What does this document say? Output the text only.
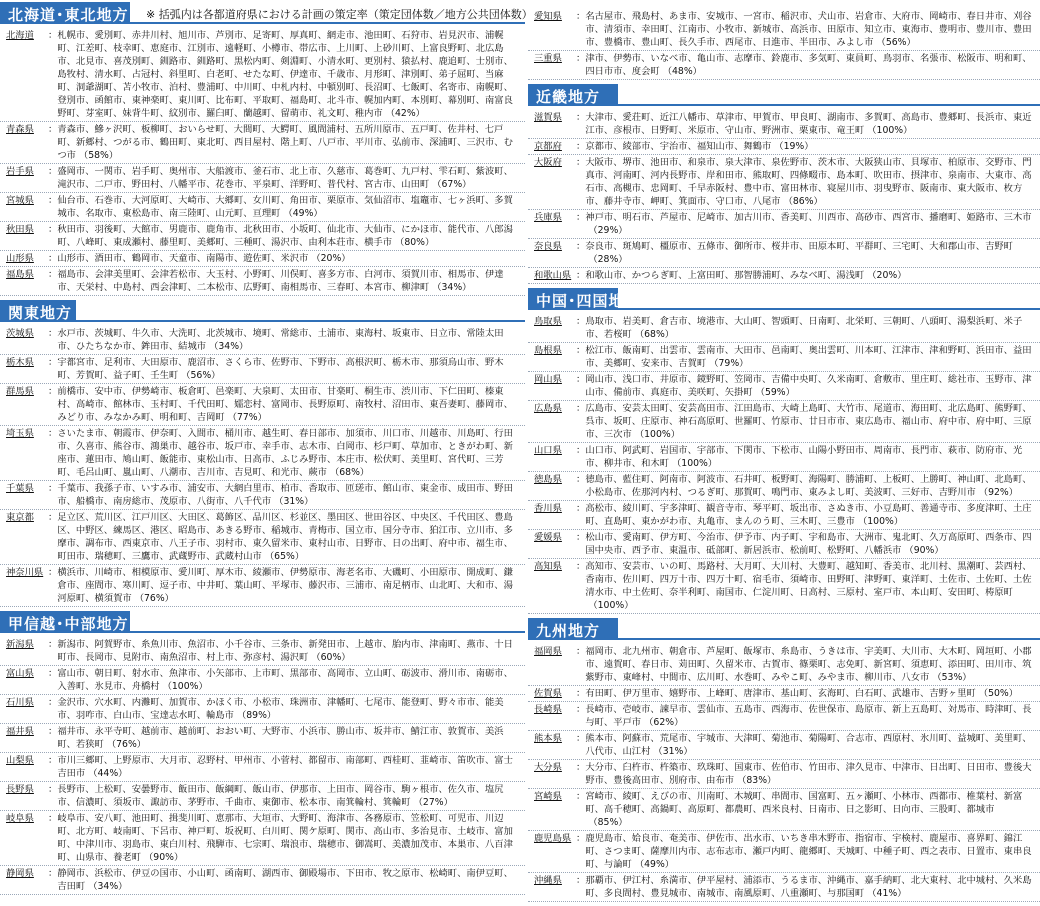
北海道･東北地方 ※ 括弧内は各都道府県における計画の策定率（策定団体数／地方公共団体数）
北海道	： 札幌市、愛別町、赤井川村、旭川市、芦別市、足寄町、厚真町、網走市、池田町、石狩市、岩見沢市、浦幌町、江差町、枝幸町、恵庭市、江別市、遠軽町、小樽市、帯広市、上川町、上砂川町、上富良野町、北広島市、北見市、喜茂別町、釧路市、釧路町、黒松内町、剣淵町、小清水町、更別村、猿払村、鹿追町、士別市、島牧村、清水町、占冠村、斜里町、白老町、せたな町、伊達市、千歳市、月形町、津別町、弟子屈町、当麻町、洞爺湖町、苫小牧市、泊村、豊浦町、中川町、中札内村、中頓別町、長沼町、七飯町、名寄市、南幌町、登別市、函館市、東神楽町、東川町、比布町、平取町、福島町、北斗市、幌加内町、本別町、幕別町、南富良野町、芽室町、妹背牛町、紋別市、羅臼町、蘭越町、留萌市、礼文町、稚内市 （42%）
青森県	： 青森市、鰺ヶ沢町、板柳町、おいらせ町、大間町、大鰐町、風間浦村、五所川原市、五戸町、佐井村、七戸町、新郷村、つがる市、鶴田町、東北町、西目屋村、階上町、八戸市、平川市、弘前市、深浦町、三沢市、むつ市 （58%）
岩手県	： 盛岡市、一関市、岩手町、奥州市、大船渡市、釜石市、北上市、久慈市、葛巻町、九戸村、雫石町、紫波町、滝沢市、二戸市、野田村、八幡平市、花巻市、平泉町、洋野町、普代村、宮古市、山田町 （67%）
宮城県	： 仙台市、石巻市、大河原町、大崎市、大郷町、女川町、角田市、栗原市、気仙沼市、塩竈市、七ヶ浜町、多賀城市、名取市、東松島市、南三陸町、山元町、亘理町 （49%）
秋田県	： 秋田市、羽後町、大館市、男鹿市、鹿角市、北秋田市、小坂町、仙北市、大仙市、にかほ市、能代市、八郎潟町、八峰町、東成瀬村、藤里町、美郷町、三種町、湯沢市、由利本荘市、横手市 （80%）
山形県	： 山形市、酒田市、鶴岡市、天童市、南陽市、遊佐町、米沢市 （20%）
福島県	： 福島市、会津美里町、会津若松市、大玉村、小野町、川俣町、喜多方市、白河市、須賀川市、相馬市、伊達市、天栄村、中島村、西会津町、二本松市、広野町、南相馬市、三春町、本宮市、柳津町 （34%）
関東地方
茨城県	： 水戸市、茨城町、牛久市、大洗町、北茨城市、境町、常総市、土浦市、東海村、坂東市、日立市、常陸太田市、ひたちなか市、鉾田市、結城市 （34%）
栃木県	： 宇都宮市、足利市、大田原市、鹿沼市、さくら市、佐野市、下野市、高根沢町、栃木市、那須烏山市、野木町、芳賀町、益子町、壬生町 （56%）
群馬県	： 前橋市、安中市、伊勢崎市、板倉町、邑楽町、大泉町、太田市、甘楽町、桐生市、渋川市、下仁田町、榛東村、高崎市、館林市、玉村町、千代田町、嬬恋村、富岡市、長野原町、南牧村、沼田市、東吾妻町、藤岡市、みどり市、みなかみ町、明和町、吉岡町 （77%）
埼玉県	： さいたま市、朝霞市、伊奈町、入間市、桶川市、越生町、春日部市、加須市、川口市、川越市、川島町、行田市、久喜市、熊谷市、鴻巣市、越谷市、坂戸市、幸手市、志木市、白岡市、杉戸町、草加市、ときがわ町、新座市、蓮田市、鳩山町、飯能市、東松山市、日高市、ふじみ野市、本庄市、松伏町、美里町、宮代町、三芳町、毛呂山町、嵐山町、八潮市、吉川市、吉見町、和光市、蕨市 （68%）
千葉県	： 千葉市、我孫子市、いすみ市、浦安市、大網白里市、柏市、香取市、匝瑳市、館山市、東金市、成田市、野田市、船橋市、南房総市、茂原市、八街市、八千代市 （31%）
東京都	： 足立区、荒川区、江戸川区、大田区、葛飾区、品川区、杉並区、墨田区、世田谷区、中央区、千代田区、豊島区、中野区、練馬区、港区、昭島市、あきる野市、稲城市、青梅市、国立市、国分寺市、狛江市、立川市、多摩市、調布市、西東京市、八王子市、羽村市、東久留米市、東村山市、日野市、日の出町、府中市、福生市、町田市、瑞穂町、三鷹市、武蔵野市、武蔵村山市 （65%）
神奈川県 ： 横浜市、川崎市、相模原市、愛川町、厚木市、綾瀬市、伊勢原市、海老名市、大磯町、小田原市、開成町、鎌倉市、座間市、寒川町、逗子市、中井町、葉山町、平塚市、藤沢市、三浦市、南足柄市、山北町、大和市、湯河原町、横須賀市 （76%）
甲信越･中部地方
新潟県	： 新潟市、阿賀野市、糸魚川市、魚沼市、小千谷市、三条市、新発田市、上越市、胎内市、津南町、燕市、十日町市、長岡市、見附市、南魚沼市、村上市、弥彦村、湯沢町 （60%）
富山県	： 富山市、朝日町、射水市、魚津市、小矢部市、上市町、黒部市、高岡市、立山町、砺波市、滑川市、南砺市、入善町、氷見市、舟橋村 （100%）
石川県	： 金沢市、穴水町、内灘町、加賀市、かほく市、小松市、珠洲市、津幡町、七尾市、能登町、野々市市、能美市、羽咋市、白山市、宝達志水町、輪島市 （89%）
福井県	： 福井市、永平寺町、越前市、越前町、おおい町、大野市、小浜市、勝山市、坂井市、鯖江市、敦賀市、美浜町、若狭町 （76%）
山梨県	： 市川三郷町、上野原市、大月市、忍野村、甲州市、小菅村、都留市、南部町、西桂町、韮崎市、笛吹市、富士吉田市 （44%）
長野県	： 長野市、上松町、安曇野市、飯田市、飯綱町、飯山市、伊那市、上田市、岡谷市、駒ヶ根市、佐久市、塩尻市、信濃町、須坂市、諏訪市、茅野市、千曲市、東御市、松本市、南箕輪村、箕輪町 （27%）
岐阜県	： 岐阜市、安八町、池田町、揖斐川町、恵那市、大垣市、大野町、海津市、各務原市、笠松町、可児市、川辺町、北方町、岐南町、下呂市、神戸町、坂祝町、白川町、関ケ原町、関市、高山市、多治見市、土岐市、富加町、中津川市、羽島市、東白川村、飛騨市、七宗町、瑞浪市、瑞穂市、御嵩町、美濃加茂市、本巣市、八百津町、山県市、養老町 （90%）
静岡県	： 静岡市、浜松市、伊豆の国市、小山町、函南町、湖西市、御殿場市、下田市、牧之原市、松崎町、南伊豆町、吉田町 （34%）
愛知県	： 名古屋市、飛島村、あま市、安城市、一宮市、稲沢市、犬山市、岩倉市、大府市、岡崎市、春日井市、刈谷市、清須市、幸田町、江南市、小牧市、新城市、高浜市、田原市、知立市、東海市、豊明市、豊川市、豊田市、豊橋市、豊山町、長久手市、西尾市、日進市、半田市、みよし市 （56%）
三重県	： 津市、伊勢市、いなべ市、亀山市、志摩市、鈴鹿市、多気町、東員町、鳥羽市、名張市、松阪市、明和町、四日市市、度会町 （48%）
近畿地方
滋賀県	： 大津市、愛荘町、近江八幡市、草津市、甲賀市、甲良町、湖南市、多賀町、高島市、豊郷町、長浜市、東近江市、彦根市、日野町、米原市、守山市、野洲市、栗東市、竜王町 （100%）
京都府	： 京都市、綾部市、宇治市、福知山市、舞鶴市 （19%）
大阪府	： 大阪市、堺市、池田市、和泉市、泉大津市、泉佐野市、茨木市、大阪狭山市、貝塚市、柏原市、交野市、門真市、河南町、河内長野市、岸和田市、熊取町、四條畷市、島本町、吹田市、摂津市、泉南市、大東市、高石市、高槻市、忠岡町、千早赤阪村、豊中市、富田林市、寝屋川市、羽曳野市、阪南市、東大阪市、枚方市、藤井寺市、岬町、箕面市、守口市、八尾市 （86%）
兵庫県	： 神戸市、明石市、芦屋市、尼崎市、加古川市、香美町、川西市、高砂市、西宮市、播磨町、姫路市、三木市（29%）
奈良県	： 奈良市、斑鳩町、橿原市、五條市、御所市、桜井市、田原本町、平群町、三宅町、大和郡山市、吉野町（28%）
和歌山県 ： 和歌山市、かつらぎ町、上富田町、那智勝浦町、みなべ町、湯浅町 （20%）
中国･四国地方
鳥取県	： 鳥取市、岩美町、倉吉市、境港市、大山町、智頭町、日南町、北栄町、三朝町、八頭町、湯梨浜町、米子市、若桜町 （68%）
島根県	： 松江市、飯南町、出雲市、雲南市、大田市、邑南町、奥出雲町、川本町、江津市、津和野町、浜田市、益田市、美郷町、安来市、吉賀町 （79%）
岡山県	： 岡山市、浅口市、井原市、鏡野町、笠岡市、吉備中央町、久米南町、倉敷市、里庄町、総社市、玉野市、津山市、備前市、真庭市、美咲町、矢掛町 （59%）
広島県	： 広島市、安芸太田町、安芸高田市、江田島市、大崎上島町、大竹市、尾道市、海田町、北広島町、熊野町、呉市、坂町、庄原市、神石高原町、世羅町、竹原市、廿日市市、東広島市、福山市、府中市、府中町、三原市、三次市 （100%）
山口県	： 山口市、阿武町、岩国市、宇部市、下関市、下松市、山陽小野田市、周南市、長門市、萩市、防府市、光市、柳井市、和木町 （100%）
徳島県	： 徳島市、藍住町、阿南市、阿波市、石井町、板野町、海陽町、勝浦町、上板町、上勝町、神山町、北島町、小松島市、佐那河内村、つるぎ町、那賀町、鳴門市、東みよし町、美波町、三好市、吉野川市 （92%）
香川県	： 高松市、綾川町、宇多津町、観音寺市、琴平町、坂出市、さぬき市、小豆島町、善通寺市、多度津町、土庄町、直島町、東かがわ市、丸亀市、まんのう町、三木町、三豊市 （100%）
愛媛県	： 松山市、愛南町、伊方町、今治市、伊予市、内子町、宇和島市、大洲市、鬼北町、久万高原町、西条市、四国中央市、西予市、東温市、砥部町、新居浜市、松前町、松野町、八幡浜市 （90%）
高知県	： 高知市、安芸市、いの町、馬路村、大月町、大川村、大豊町、越知町、香美市、北川村、黒潮町、芸西村、香南市、佐川町、四万十市、四万十町、宿毛市、須崎市、田野町、津野町、東洋町、土佐市、土佐町、土佐清水市、中土佐町、奈半利町、南国市、仁淀川町、日高村、三原村、室戸市、本山町、安田町、梼原町（100%）
九州地方
福岡県	： 福岡市、北九州市、朝倉市、芦屋町、飯塚市、糸島市、うきは市、宇美町、大川市、大木町、岡垣町、小郡市、遠賀町、春日市、苅田町、久留米市、古賀市、篠栗町、志免町、新宮町、須恵町、添田町、田川市、筑紫野市、東峰村、中間市、広川町、水巻町、みやこ町、みやま市、柳川市、八女市 （53%）
佐賀県	： 有田町、伊万里市、嬉野市、上峰町、唐津市、基山町、玄海町、白石町、武雄市、吉野ヶ里町 （50%）
長崎県	： 長崎市、壱岐市、諫早市、雲仙市、五島市、西海市、佐世保市、島原市、新上五島町、対馬市、時津町、長与町、平戸市 （62%）
熊本県	： 熊本市、阿蘇市、荒尾市、宇城市、大津町、菊池市、菊陽町、合志市、西原村、氷川町、益城町、美里町、八代市、山江村 （31%）
大分県	： 大分市、臼杵市、杵築市、玖珠町、国東市、佐伯市、竹田市、津久見市、中津市、日出町、日田市、豊後大野市、豊後高田市、別府市、由布市 （83%）
宮崎県	： 宮崎市、綾町、えびの市、川南町、木城町、串間市、国富町、五ヶ瀬町、小林市、西都市、椎葉村、新富町、高千穂町、高鍋町、高原町、都農町、西米良村、日南市、日之影町、日向市、三股町、都城市（85%）
鹿児島県 ： 鹿児島市、姶良市、奄美市、伊佐市、出水市、いちき串木野市、指宿市、宇検村、鹿屋市、喜界町、錦江町、さつま町、薩摩川内市、志布志市、瀬戸内町、龍郷町、天城町、中種子町、西之表市、日置市、東串良町、与論町 （49%）
沖縄県	： 那覇市、伊江村、糸満市、伊平屋村、浦添市、うるま市、沖縄市、嘉手納町、北大東村、北中城村、久米島町、多良間村、豊見城市、南城市、南風原町、八重瀬町、与那国町 （41%）
